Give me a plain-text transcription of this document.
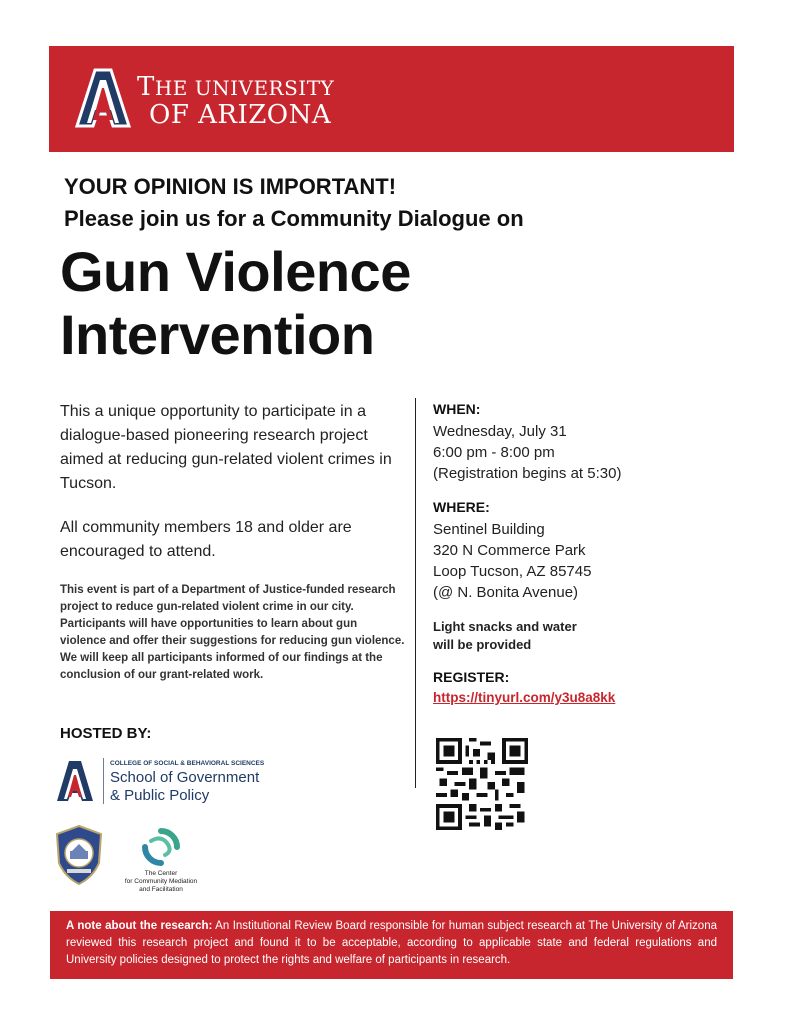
THE UNIVERSITY
OF ARIZONA
YOUR OPINION IS IMPORTANT!
Please join us for a Community Dialogue on
Gun Violence
Intervention
This a unique opportunity to participate in a dialogue-based pioneering research project aimed at reducing gun-related violent crimes in Tucson.
All community members 18 and older are encouraged to attend.
This event is part of a Department of Justice-funded research project to reduce gun-related violent crime in our city. Participants will have opportunities to learn about gun violence and offer their suggestions for reducing gun violence. We will keep all participants informed of our findings at the conclusion of our grant-related work.
WHEN:
Wednesday, July 31
6:00 pm - 8:00 pm
(Registration begins at 5:30)
WHERE:
Sentinel Building
320 N Commerce Park
Loop Tucson, AZ 85745
(@ N. Bonita Avenue)
Light snacks and water
will be provided
REGISTER:
https://tinyurl.com/y3u8a8kk
HOSTED BY:
COLLEGE OF SOCIAL & BEHAVIORAL SCIENCES
School of Government
& Public Policy
The Center
for Community Mediation
and Facilitation
A note about the research: An Institutional Review Board responsible for human subject research at The University of Arizona reviewed this research project and found it to be acceptable, according to applicable state and federal regulations and University policies designed to protect the rights and welfare of participants in research.
